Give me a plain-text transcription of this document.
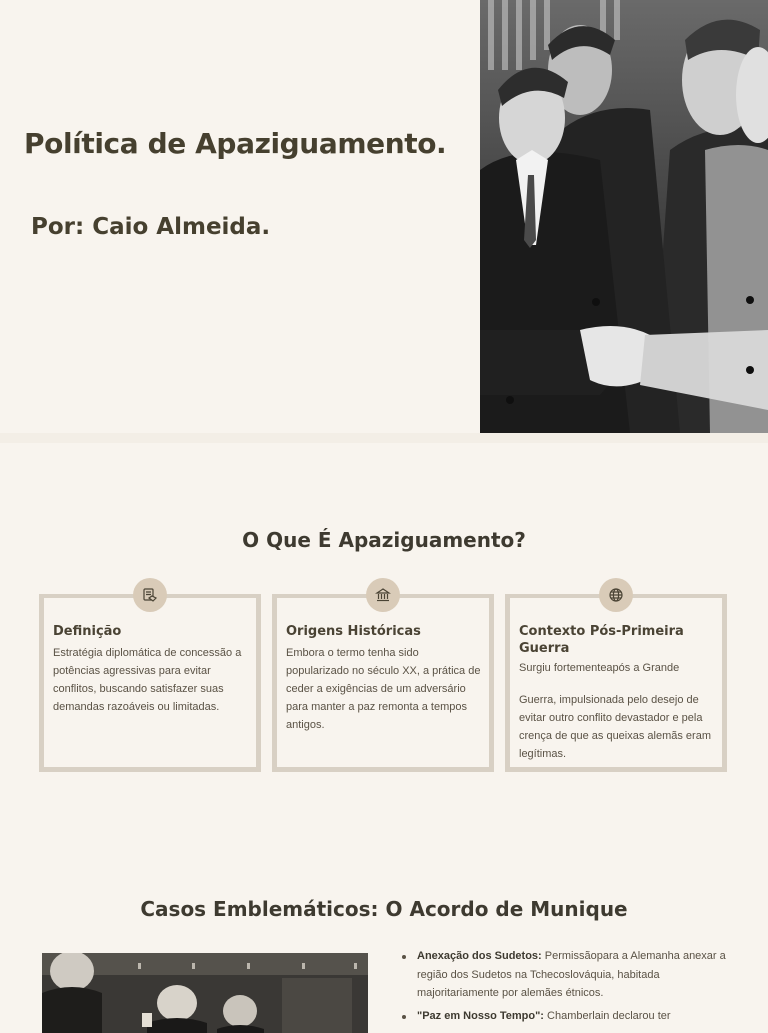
Política de Apaziguamento.
Por: Caio Almeida.
O Que É Apaziguamento?
Definição

Estratégia diplomática de concessão a potências agressivas para evitar conflitos, buscando satisfazer suas demandas razoáveis ou limitadas.

Origens Históricas

Embora o termo tenha sido popularizado no século XX, a prática de ceder a exigências de um adversário para manter a paz remonta a tempos antigos.

Contexto Pós-Primeira Guerra

Surgiu fortementeapós a Grande

Guerra, impulsionada pelo desejo de evitar outro conflito devastador e pela crença de que as queixas alemãs eram legítimas.

Casos Emblemáticos: O Acordo de Munique
Anexação dos Sudetos: Permissãopara a Alemanha anexar a região dos Sudetos na Tchecoslováquia, habitada majoritariamente por alemães étnicos.
"Paz em Nosso Tempo": Chamberlain declarou ter
